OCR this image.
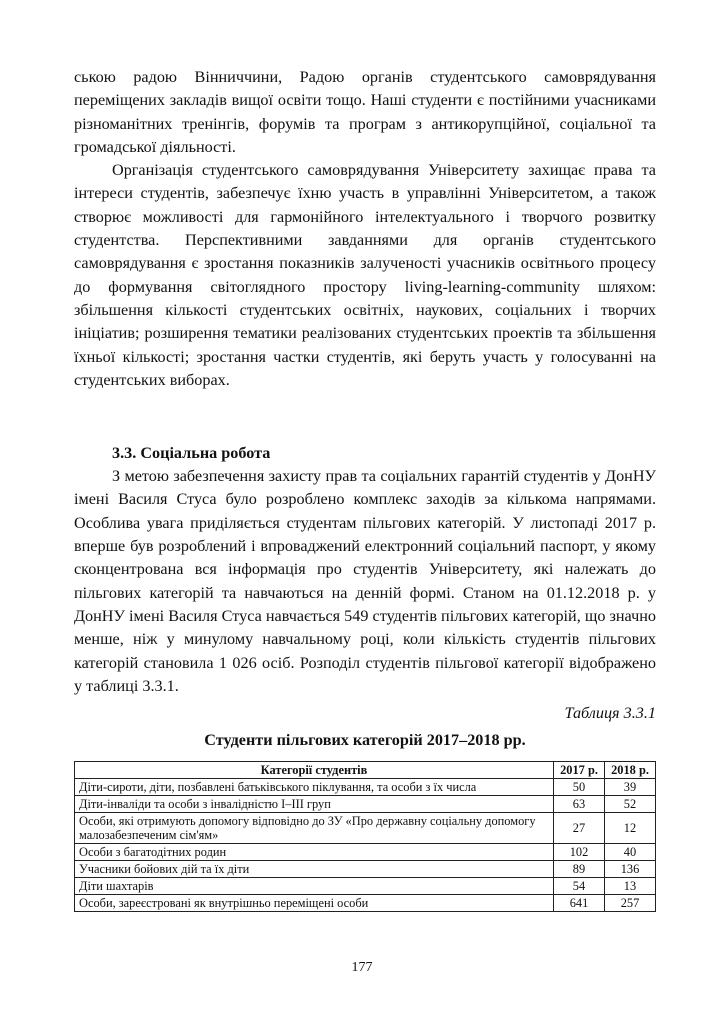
ською радою Вінниччини, Радою органів студентського самоврядування переміщених закладів вищої освіти тощо. Наші студенти є постійними учасниками різноманітних тренінгів, форумів та програм з антикорупційної, соціальної та громадської діяльності.

Організація студентського самоврядування Університету захищає права та інтереси студентів, забезпечує їхню участь в управлінні Університетом, а також створює можливості для гармонійного інтелектуального і творчого розвитку студентства. Перспективними завданнями для органів студентського самоврядування є зростання показників залученості учасників освітнього процесу до формування світоглядного простору living-learning-community шляхом: збільшення кількості студентських освітніх, наукових, соціальних і творчих ініціатив; розширення тематики реалізованих студентських проектів та збільшення їхньої кількості; зростання частки студентів, які беруть участь у голосуванні на студентських виборах.

3.3. Соціальна робота

З метою забезпечення захисту прав та соціальних гарантій студентів у ДонНУ імені Василя Стуса було розроблено комплекс заходів за кількома напрямами. Особлива увага приділяється студентам пільгових категорій. У листопаді 2017 р. вперше був розроблений і впроваджений електронний соціальний паспорт, у якому сконцентрована вся інформація про студентів Університету, які належать до пільгових категорій та навчаються на денній формі. Станом на 01.12.2018 р. у ДонНУ імені Василя Стуса навчається 549 студентів пільгових категорій, що значно менше, ніж у минулому навчальному році, коли кількість студентів пільгових категорій становила 1 026 осіб. Розподіл студентів пільгової категорії відображено у таблиці 3.3.1.

Таблиця 3.3.1
Студенти пільгових категорій 2017–2018 рр.
Категорії студентів	2017 р.	2018 р.
Діти-сироти, діти, позбавлені батьківського піклування, та особи з їх числа	50	39
Діти-інваліди та особи з інвалідністю I–III груп	63	52
Особи, які отримують допомогу відповідно до ЗУ «Про державну соціальну допомогу малозабезпеченим сім'ям»	27	12
Особи з багатодітних родин	102	40
Учасники бойових дій та їх діти	89	136
Діти шахтарів	54	13
Особи, зареєстровані як внутрішньо переміщені особи	641	257
177
